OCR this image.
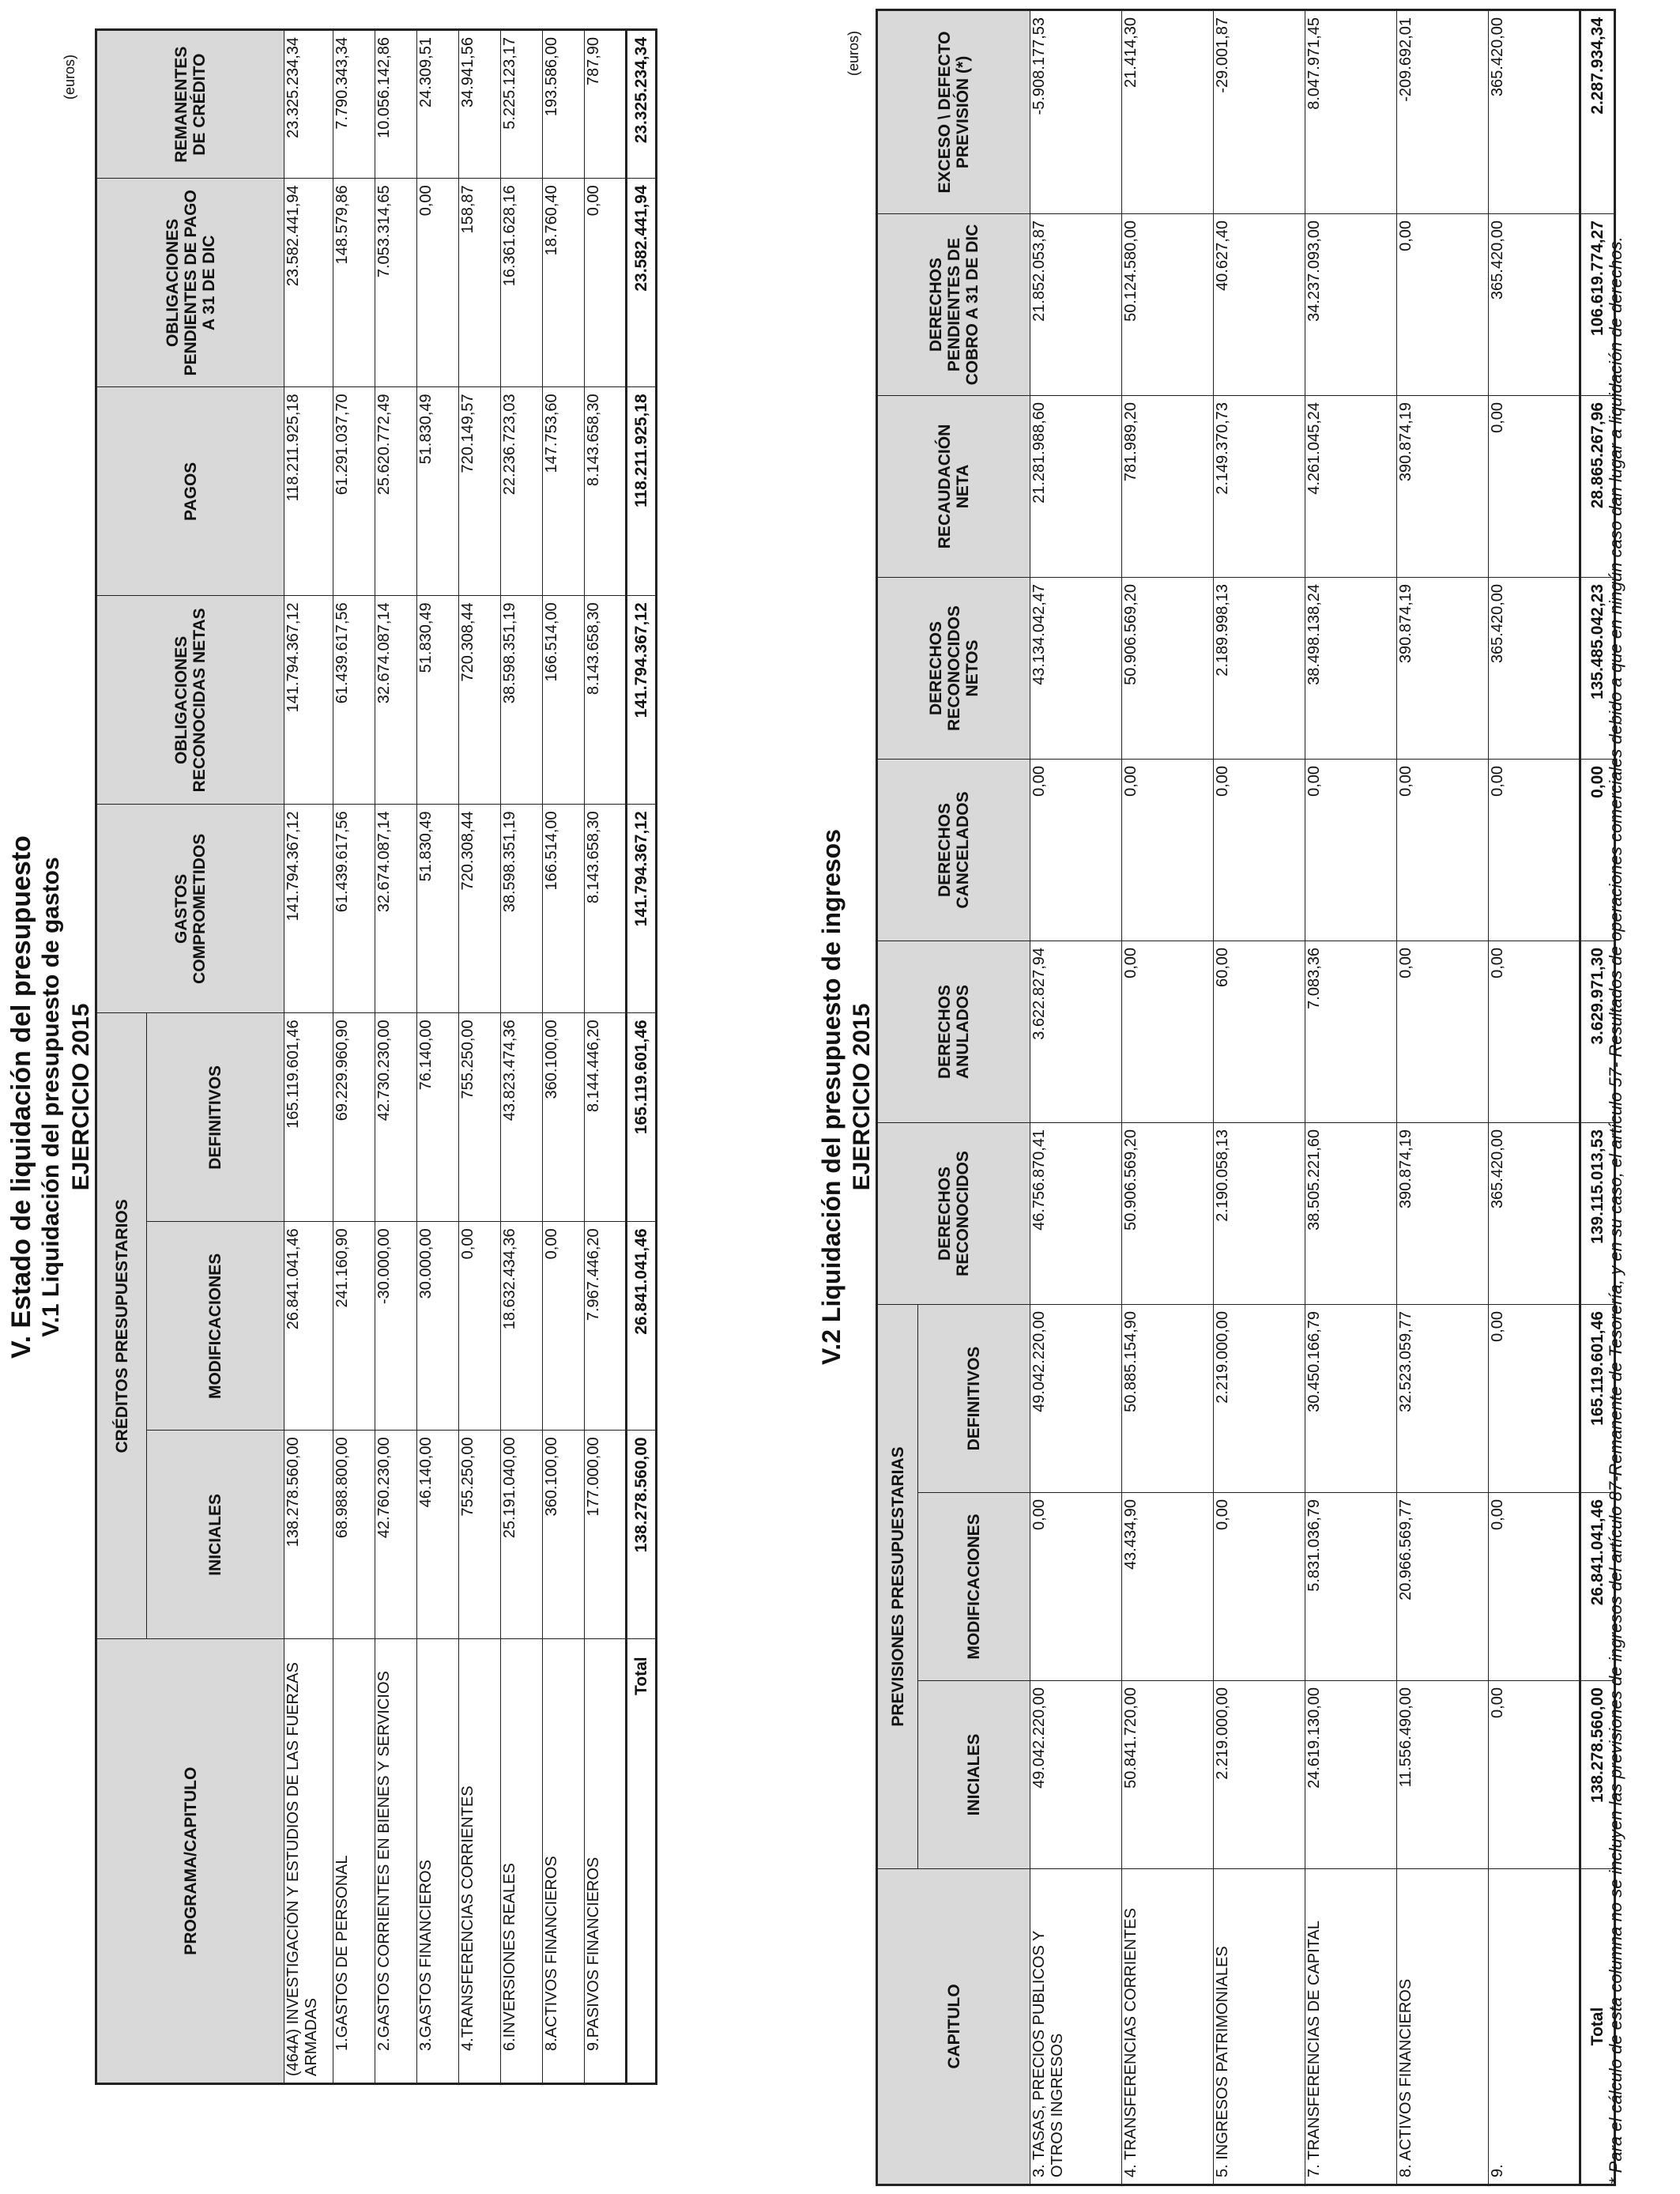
V. Estado de liquidación del presupuesto V.1 Liquidación del presupuesto de gastos EJERCICIO 2015
(euros)
PROGRAMA/CAPITULO	CRÉDITOS PRESUPUESTARIOS			GASTOS COMPROMETIDOS	OBLIGACIONES RECONOCIDAS NETAS	PAGOS	OBLIGACIONES PENDIENTES DE PAGO A 31 DE DIC	REMANENTES DE CRÉDITO
	INICIALES	MODIFICACIONES	DEFINITIVOS					
(464A) INVESTIGACIÓN Y ESTUDIOS DE LAS FUERZAS ARMADAS	138.278.560,00	26.841.041,46	165.119.601,46	141.794.367,12	141.794.367,12	118.211.925,18	23.582.441,94	23.325.234,34
1.GASTOS DE PERSONAL	68.988.800,00	241.160,90	69.229.960,90	61.439.617,56	61.439.617,56	61.291.037,70	148.579,86	7.790.343,34
2.GASTOS CORRIENTES EN BIENES Y SERVICIOS	42.760.230,00	-30.000,00	42.730.230,00	32.674.087,14	32.674.087,14	25.620.772,49	7.053.314,65	10.056.142,86
3.GASTOS FINANCIEROS	46.140,00	30.000,00	76.140,00	51.830,49	51.830,49	51.830,49	0,00	24.309,51
4.TRANSFERENCIAS CORRIENTES	755.250,00	0,00	755.250,00	720.308,44	720.308,44	720.149,57	158,87	34.941,56
6.INVERSIONES REALES	25.191.040,00	18.632.434,36	43.823.474,36	38.598.351,19	38.598.351,19	22.236.723,03	16.361.628,16	5.225.123,17
8.ACTIVOS FINANCIEROS	360.100,00	0,00	360.100,00	166.514,00	166.514,00	147.753,60	18.760,40	193.586,00
9.PASIVOS FINANCIEROS	177.000,00	7.967.446,20	8.144.446,20	8.143.658,30	8.143.658,30	8.143.658,30	0,00	787,90
Total	138.278.560,00	26.841.041,46	165.119.601,46	141.794.367,12	141.794.367,12	118.211.925,18	23.582.441,94	23.325.234,34
V.2 Liquidación del presupuesto de ingresos EJERCICIO 2015
(euros)
CAPITULO	PREVISIONES PRESUPUESTARIAS			DERECHOS RECONOCIDOS	DERECHOS ANULADOS	DERECHOS CANCELADOS	DERECHOS RECONOCIDOS NETOS	RECAUDACIÓN NETA	DERECHOS PENDIENTES DE COBRO A 31 DE DIC	EXCESO \ DEFECTO PREVISIÓN (*)
	INICIALES	MODIFICACIONES	DEFINITIVOS							
3. TASAS, PRECIOS PUBLICOS Y OTROS INGRESOS	49.042.220,00	0,00	49.042.220,00	46.756.870,41	3.622.827,94	0,00	43.134.042,47	21.281.988,60	21.852.053,87	-5.908.177,53
4. TRANSFERENCIAS CORRIENTES	50.841.720,00	43.434,90	50.885.154,90	50.906.569,20	0,00	0,00	50.906.569,20	781.989,20	50.124.580,00	21.414,30
5. INGRESOS PATRIMONIALES	2.219.000,00	0,00	2.219.000,00	2.190.058,13	60,00	0,00	2.189.998,13	2.149.370,73	40.627,40	-29.001,87
7. TRANSFERENCIAS DE CAPITAL	24.619.130,00	5.831.036,79	30.450.166,79	38.505.221,60	7.083,36	0,00	38.498.138,24	4.261.045,24	34.237.093,00	8.047.971,45
8. ACTIVOS FINANCIEROS	11.556.490,00	20.966.569,77	32.523.059,77	390.874,19	0,00	0,00	390.874,19	390.874,19	0,00	-209.692,01
9.	0,00	0,00	0,00	365.420,00	0,00	0,00	365.420,00	0,00	365.420,00	365.420,00
Total	138.278.560,00	26.841.041,46	165.119.601,46	139.115.013,53	3.629.971,30	0,00	135.485.042,23	28.865.267,96	106.619.774,27	2.287.934,34
* Para el cálculo de esta columna no se incluyen las previsiones de ingresos del artículo 87-Remanente de Tesorería, y en su caso, el artículo 57- Resultados de operaciones comerciales debido a que en ningún caso dan lugar a liquidación de derechos.
